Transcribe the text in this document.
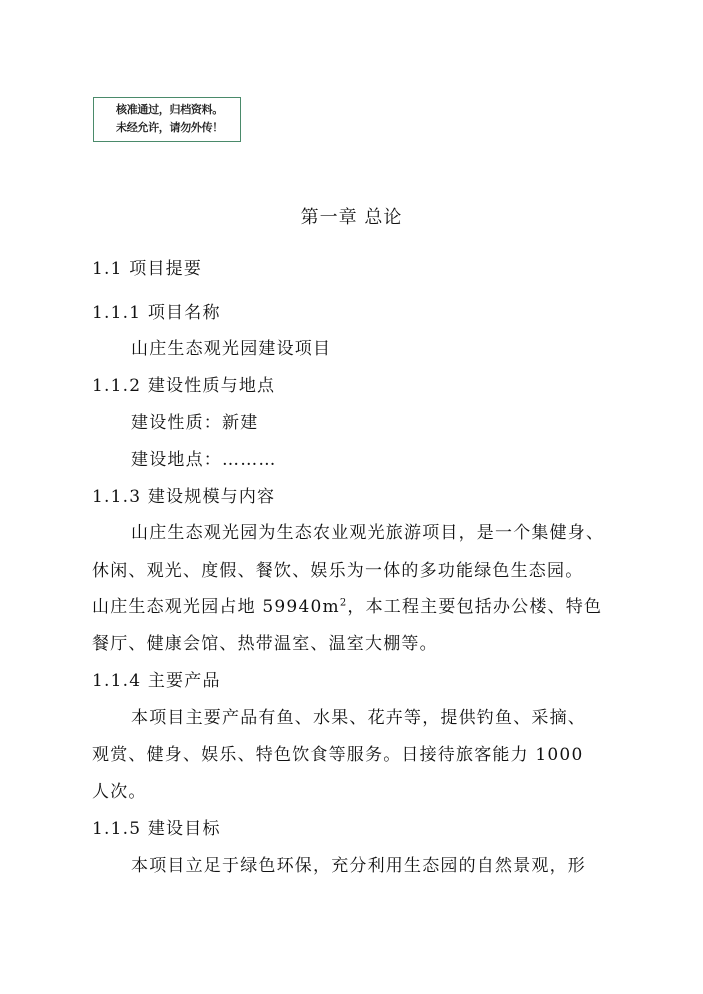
核准通过，归档资料。
未经允许，请勿外传！
第一章 总论
1.1 项目提要
1.1.1 项目名称
山庄生态观光园建设项目
1.1.2 建设性质与地点
建设性质：新建
建设地点：………
1.1.3 建设规模与内容
山庄生态观光园为生态农业观光旅游项目，是一个集健身、
休闲、观光、度假、餐饮、娱乐为一体的多功能绿色生态园。
山庄生态观光园占地 $59940m^2$，本工程主要包括办公楼、特色
餐厅、健康会馆、热带温室、温室大棚等。
1.1.4 主要产品
本项目主要产品有鱼、水果、花卉等，提供钓鱼、采摘、
观赏、健身、娱乐、特色饮食等服务。日接待旅客能力 1000
人次。
1.1.5 建设目标
本项目立足于绿色环保，充分利用生态园的自然景观，形
